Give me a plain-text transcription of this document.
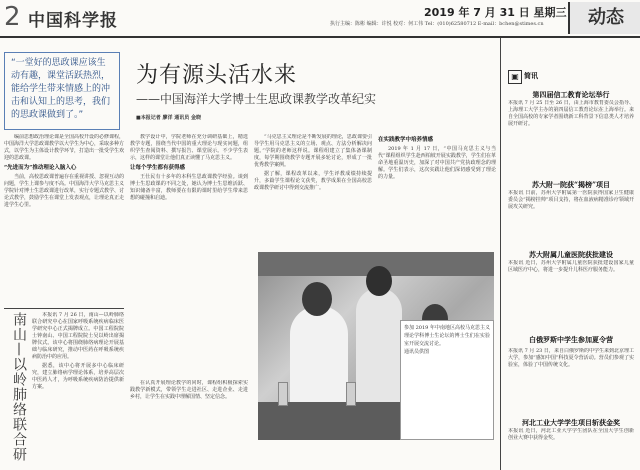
2 中国科学报	2019 年 7 月 31 日 星期三
执行主编：陈彬 编辑：许悦 校对：何工伟 Tel：(010)62580712 E-mail：bchen@stimes.cn	动态

“一堂好的思政课应该生动有趣，课堂活跃热烈，能给学生带来情感上的冲击和认知上的思考，我们的思政课做到了。”

为有源头活水来
——中国海洋大学博士生思政课教学改革纪实
■本报记者 廖洋 通讯员 金晓

编前思想政治理论课是全国高校开设的必修课程，中国海洋大学思政课教学以大学生为中心，采取多种方式，以学生为主体设计教学环节，打造出一批受学生欢迎的思政课。

“先进而为”推动理论入脑入心

当前，高校思政课普遍存在重视讲授、忽视互动的问题，学生上课参与度不高。中国海洋大学马克思主义学院针对博士生思政课进行改革，实行专题式教学、讨论式教学，鼓励学生在课堂上发表观点，让理论真正走进学生心里。

教学设计中，学院老师在充分调研基础上，精选教学专题，围绕当代中国的重大理论与现实问题，组织学生查阅资料、撰写报告、课堂展示。不少学生表示，这样的课堂让他们真正读懂了马克思主义。

让每个学生都有获得感

王仕民有十多年的本科生思政课教学经验。谈到博士生思政课的不同之处，她认为博士生思维活跃、知识储备丰富，教师要在有限的课时里给学生带来思想的碰撞和启迪。

“马克思主义理论是不断发展的理论，思政课要引导学生用马克思主义的立场、观点、方法分析解决问题。”学院的老师这样说。课程组建立了集体备课制度，每学期围绕教学专题开展多轮讨论，形成了一批优秀教学案例。

据了解，课程改革以来，学生评教成绩持续提升，多篇学生课程论文获奖，教学成果在全国高校思政课教学研讨中得到交流推广。

在实践教学中培养情感

2019 年 1 月 17 日，“中国马克思主义与当代”课程组织学生赴西柏坡开展实践教学，学生们在革命圣地重温历史，加深了对中国共产党执政理念的理解。学生们表示，这次实践让他们深切感受到了理论的力量。

南山—以岭肺络联合研	本报讯 7 月 26 日，南山—以岭肺络联合研究中心在国家呼吸系统疾病临床医学研究中心正式揭牌成立。中国工程院院士钟南山、中国工程院院士吴以岭出席揭牌仪式。该中心将围绕肺络病理论开展基础与临床研究，推动中医药在呼吸系统疾病防治中的应用。

据悉，该中心将开展多中心临床研究，建立肺络病学理论体系，培养高层次中医药人才，为呼吸系统疾病防治提供新方案。

在认真开展理论教学的同时，课程组积极探索实践教学新模式，带领学生走进社区、走进企业、走进乡村，让学生在实践中理解国情、坚定信念。

参加 2019 年中南地区高校马克思主义理论学科博士生论坛的博士生们在实验室开展交流讨论。
通讯员供图
▣ 简讯
第四届信工教育论坛举行
本报讯 7 月 25 日至 26 日，由上海市教育委员会指导、上海理工大学主办的第四届信工教育论坛在上海举行。来自全国高校的专家学者围绕新工科背景下信息类人才培养展开研讨。
苏大附一院获“揭榜”项目
本报讯 日前，苏州大学附属第一医院获得国家卫生健康委员会“揭榜挂帅”项目支持，将在血液病精准诊疗领域开展攻关研究。
苏大附属儿童医院获批建设
本报讯 近日，苏州大学附属儿童医院获批建设国家儿童区域医疗中心，将进一步提升儿科医疗服务能力。
白俄罗斯中学生参加夏令营
本报讯 7 月 23 日，来自白俄罗斯的中学生来到北京理工大学，参加“感知中国”科技夏令营活动。营员们参观了实验室，体验了中国传统文化。
河北工业大学学生项目斩获金奖
本报讯 近日，河北工业大学学生团队在全国大学生创新创业大赛中获得金奖。
